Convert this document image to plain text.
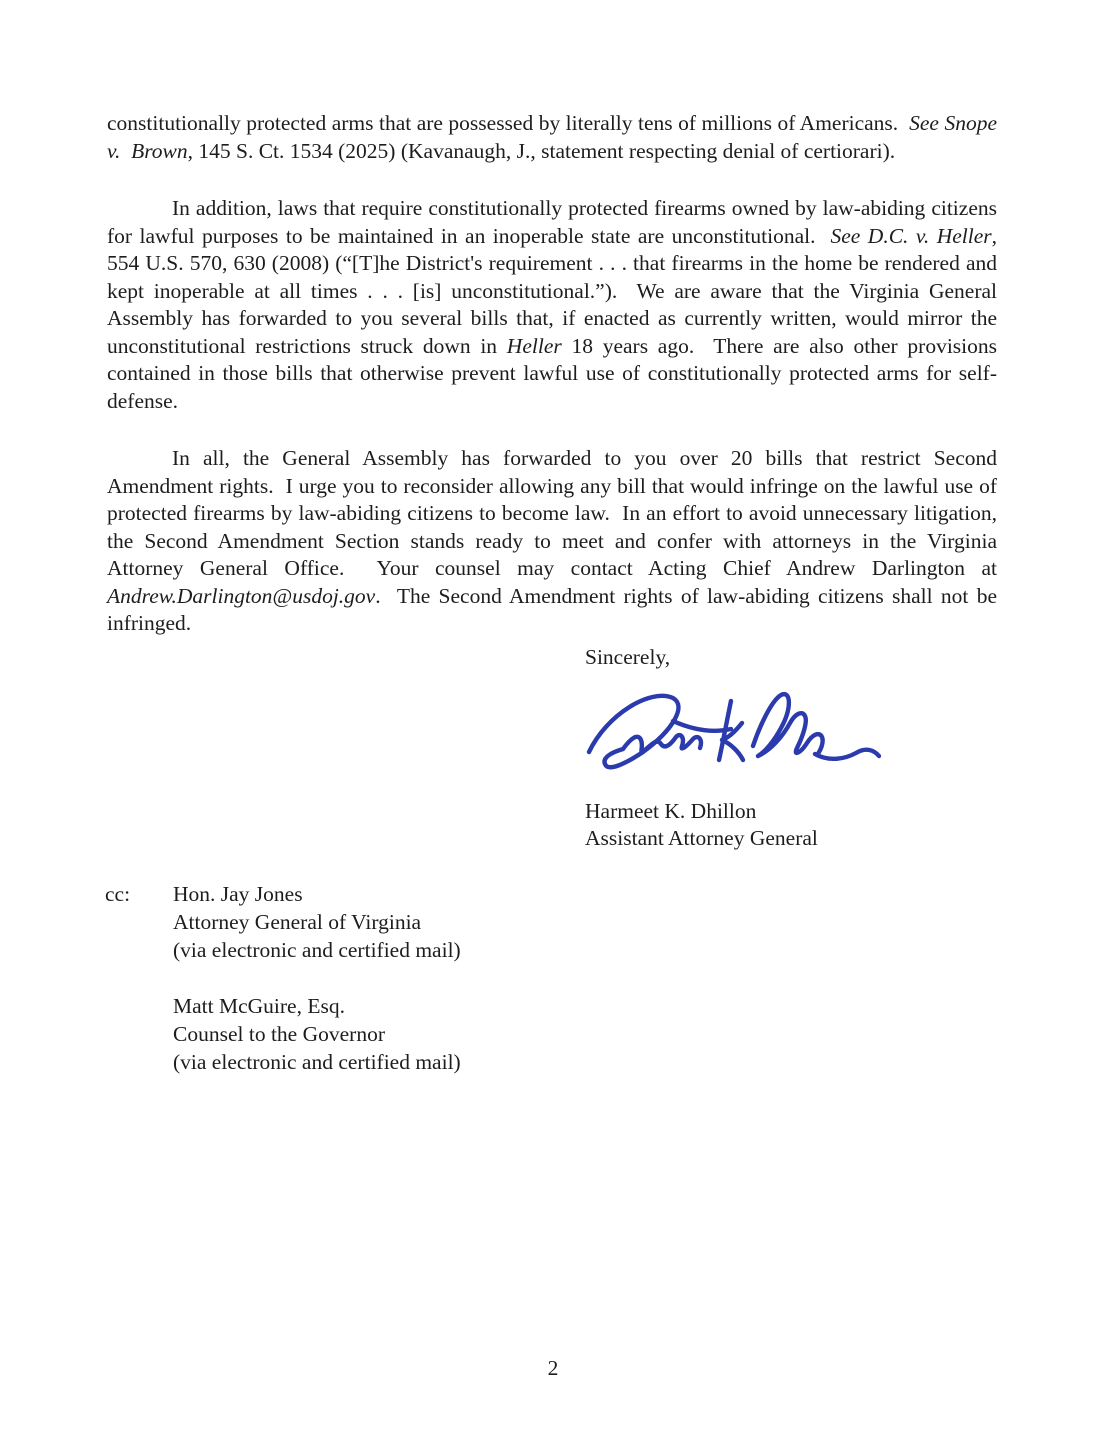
constitutionally protected arms that are possessed by literally tens of millions of Americans.  See Snope v.  Brown, 145 S. Ct. 1534 (2025) (Kavanaugh, J., statement respecting denial of certiorari).

In addition, laws that require constitutionally protected firearms owned by law-abiding citizens for lawful purposes to be maintained in an inoperable state are unconstitutional.  See D.C. v. Heller, 554 U.S. 570, 630 (2008) (“[T]he District's requirement . . . that firearms in the home be rendered and kept inoperable at all times . . . [is] unconstitutional.”).  We are aware that the Virginia General Assembly has forwarded to you several bills that, if enacted as currently written, would mirror the unconstitutional restrictions struck down in Heller 18 years ago.  There are also other provisions contained in those bills that otherwise prevent lawful use of constitutionally protected arms for self-defense.

In all, the General Assembly has forwarded to you over 20 bills that restrict Second Amendment rights.  I urge you to reconsider allowing any bill that would infringe on the lawful use of protected firearms by law-abiding citizens to become law.  In an effort to avoid unnecessary litigation, the Second Amendment Section stands ready to meet and confer with attorneys in the Virginia Attorney General Office.  Your counsel may contact Acting Chief Andrew Darlington at Andrew.Darlington@usdoj.gov.  The Second Amendment rights of law-abiding citizens shall not be infringed.

Sincerely,

Harmeet K. Dhillon

Assistant Attorney General

cc:	Hon. Jay Jones

Attorney General of Virginia

(via electronic and certified mail)

Matt McGuire, Esq.

Counsel to the Governor

(via electronic and certified mail)

2
